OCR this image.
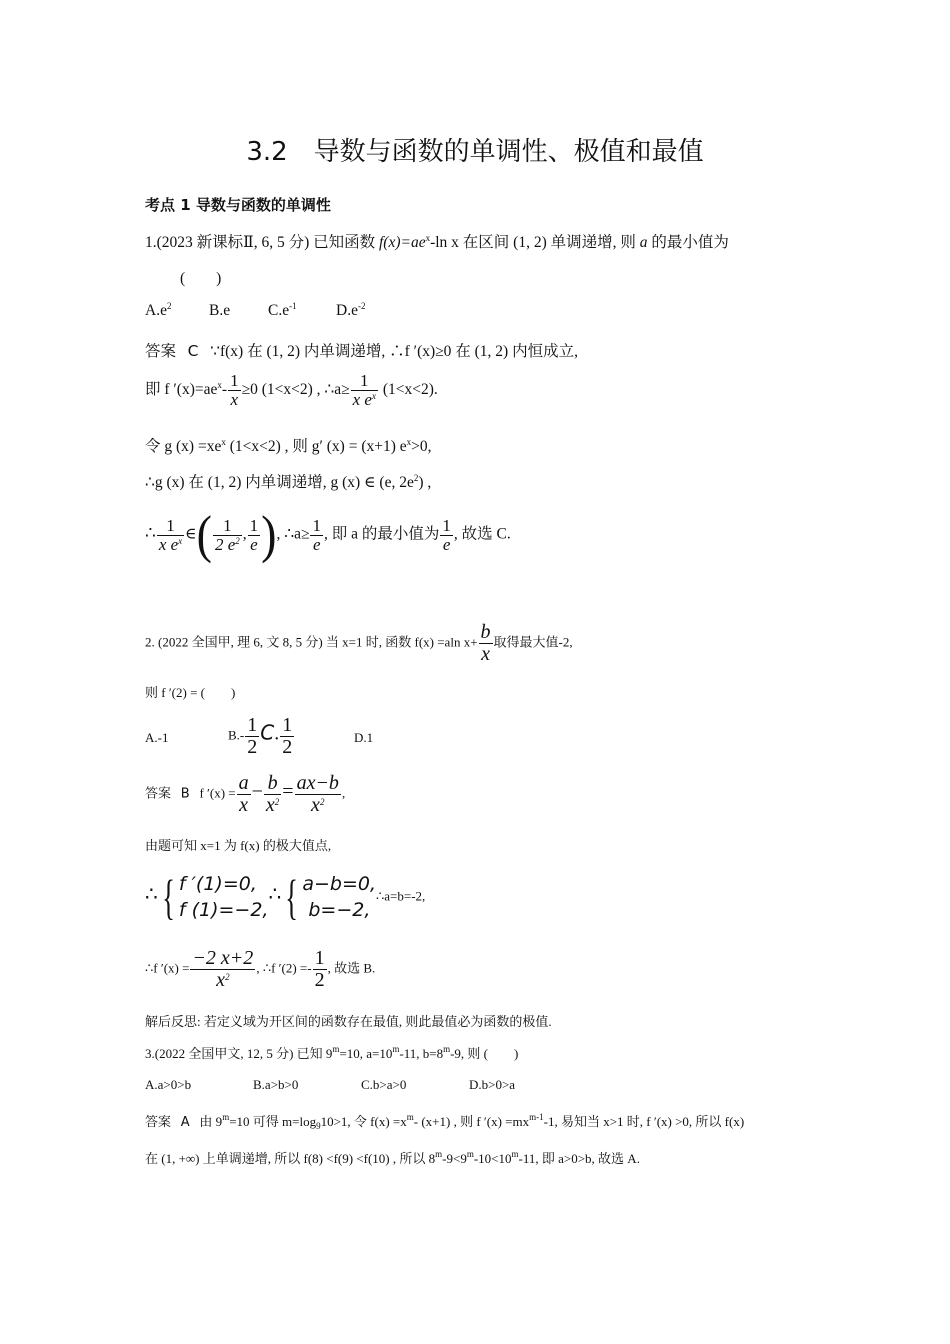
3.2　导数与函数的单调性、极值和最值
考点 1 导数与函数的单调性
1.(2023 新课标Ⅱ, 6, 5 分) 已知函数 $f(x)=ae^x-\ln$ x 在区间 (1, 2) 单调递增, 则 a 的最小值为
(　　)
$A.e^2$ B.e $C.e^{-1}$	$D.e^{-2}$
答案 C ∵f(x) 在 (1, 2) 内单调递增, ∴f ′(x)≥0 在 (1, 2) 内恒成立,
即 f $'(x)=ae^x- \frac{1}{x} \ge 0$ (1<x<2) , ∴a≥ $\frac{1}{x e^x} (1<x<2)$.
令 g $(x) =xe^x$ (1<x<2) , 则 g′ (x) = (x+1) $e^x>0$,
∴g (x) 在 (1, 2) 内单调递增, g (x) ∈ (e, $2e^2$) ,
∴ $\frac{1}{x e^x}$ ∈( $\frac{1}{2 e^2}$ , $\frac{1}{e}$ ), ∴a≥ $\frac{1}{e}$ , 即 a 的最小值为 $\frac{1}{e}$ , 故选 C.
2. (2022 全国甲, 理 6, 文 8, 5 分) 当 x=1 时, 函数 f(x) =aln $x+ \frac{b}{x}$ 取得最大值-2,
则 f ′(2) = (　　)
A.-1	$B.- \frac{1}{2} C$. $\frac{1}{2}$	D.1
答案 B f $'(x) = \frac{a}{x} - \frac{b}{x^2} = \frac{ax-b}{x^2}$ ,
由题可知 x=1 为 f(x) 的极大值点,
∴{ f ′(1)=0,
f (1)=−2,
∴{ a−b=0,
b=−2,
∴a=b=-2,
∴f $'(x) = \frac{-2 x+2}{x^2}$ , ∴f $'(2) =- \frac{1}{2}$ , 故选 B.
解后反思: 若定义域为开区间的函数存在最值, 则此最值必为函数的极值.
3.(2022 全国甲文, 12, 5 分) 已知 $9^m=10$, $a=10^m-11$, $b=8^m-9$, 则 (　　)
A.a>0>b	B.a>b>0	C.b>a>0	D.b>0>a
答案 A 由 $9^m=10$ 可得 $m=\log_910>1$, 令 $f(x) =x^m-$ (x+1) , 则 f $'(x) =mx^{m-1}-1$, 易知当 x>1 时, f ′(x) >0, 所以 f(x)
在 (1, +∞) 上单调递增, 所以 f(8) <f(9) <f(10) , 所以 $8^m-9<9^m-10<10^m-11$, 即 a>0>b, 故选 A.
